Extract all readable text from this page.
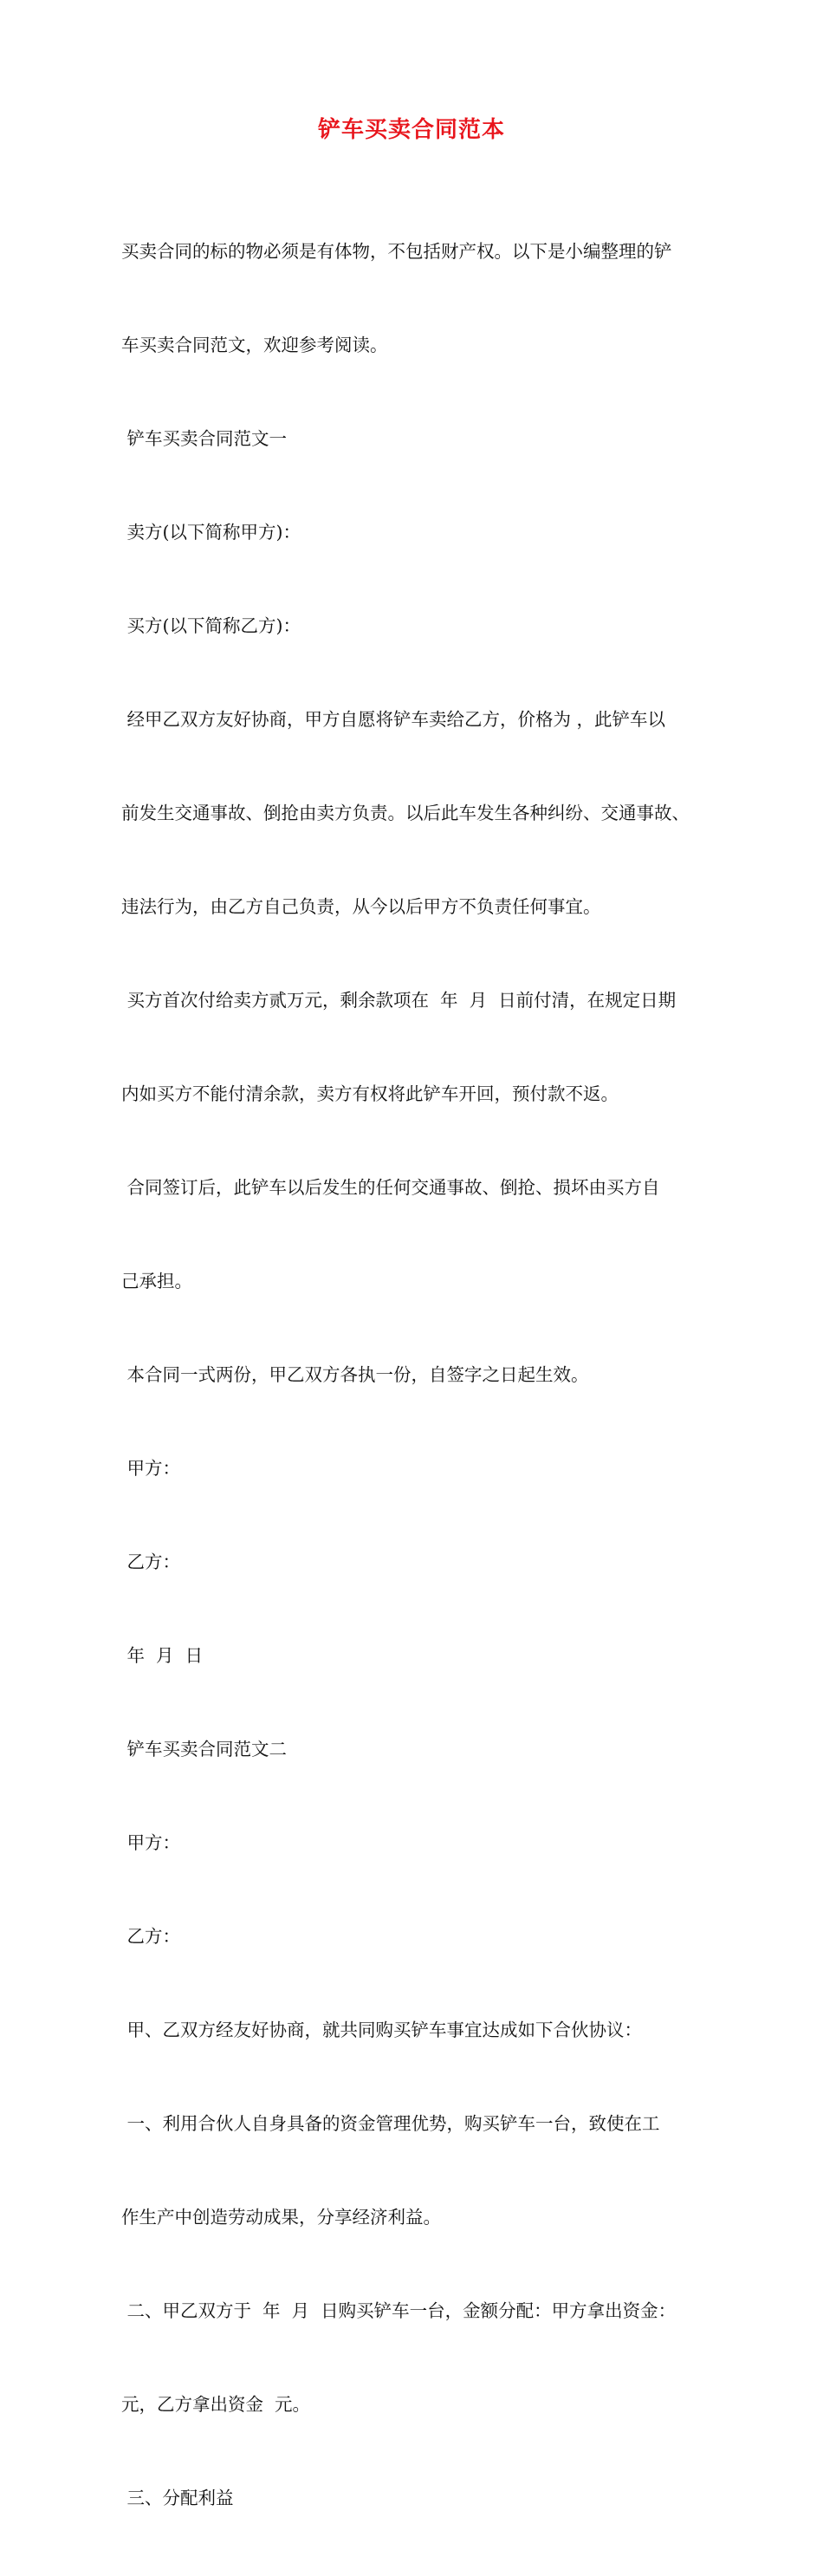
铲车买卖合同范本

买卖合同的标的物必须是有体物，不包括财产权。以下是小编整理的铲

车买卖合同范文，欢迎参考阅读。

铲车买卖合同范文一

卖方(以下简称甲方)：

买方(以下简称乙方)：

经甲乙双方友好协商，甲方自愿将铲车卖给乙方，价格为 ，此铲车以

前发生交通事故、倒抢由卖方负责。以后此车发生各种纠纷、交通事故、

违法行为，由乙方自己负责，从今以后甲方不负责任何事宜。

买方首次付给卖方贰万元，剩余款项在  年  月  日前付清，在规定日期

内如买方不能付清余款，卖方有权将此铲车开回，预付款不返。

合同签订后，此铲车以后发生的任何交通事故、倒抢、损坏由买方自

己承担。

本合同一式两份，甲乙双方各执一份，自签字之日起生效。

甲方：

乙方：

年  月  日

铲车买卖合同范文二

甲方：

乙方：

甲、乙双方经友好协商，就共同购买铲车事宜达成如下合伙协议：

一、利用合伙人自身具备的资金管理优势，购买铲车一台，致使在工

作生产中创造劳动成果，分享经济利益。

二、甲乙双方于  年  月  日购买铲车一台，金额分配：甲方拿出资金：

元，乙方拿出资金  元。

三、分配利益
